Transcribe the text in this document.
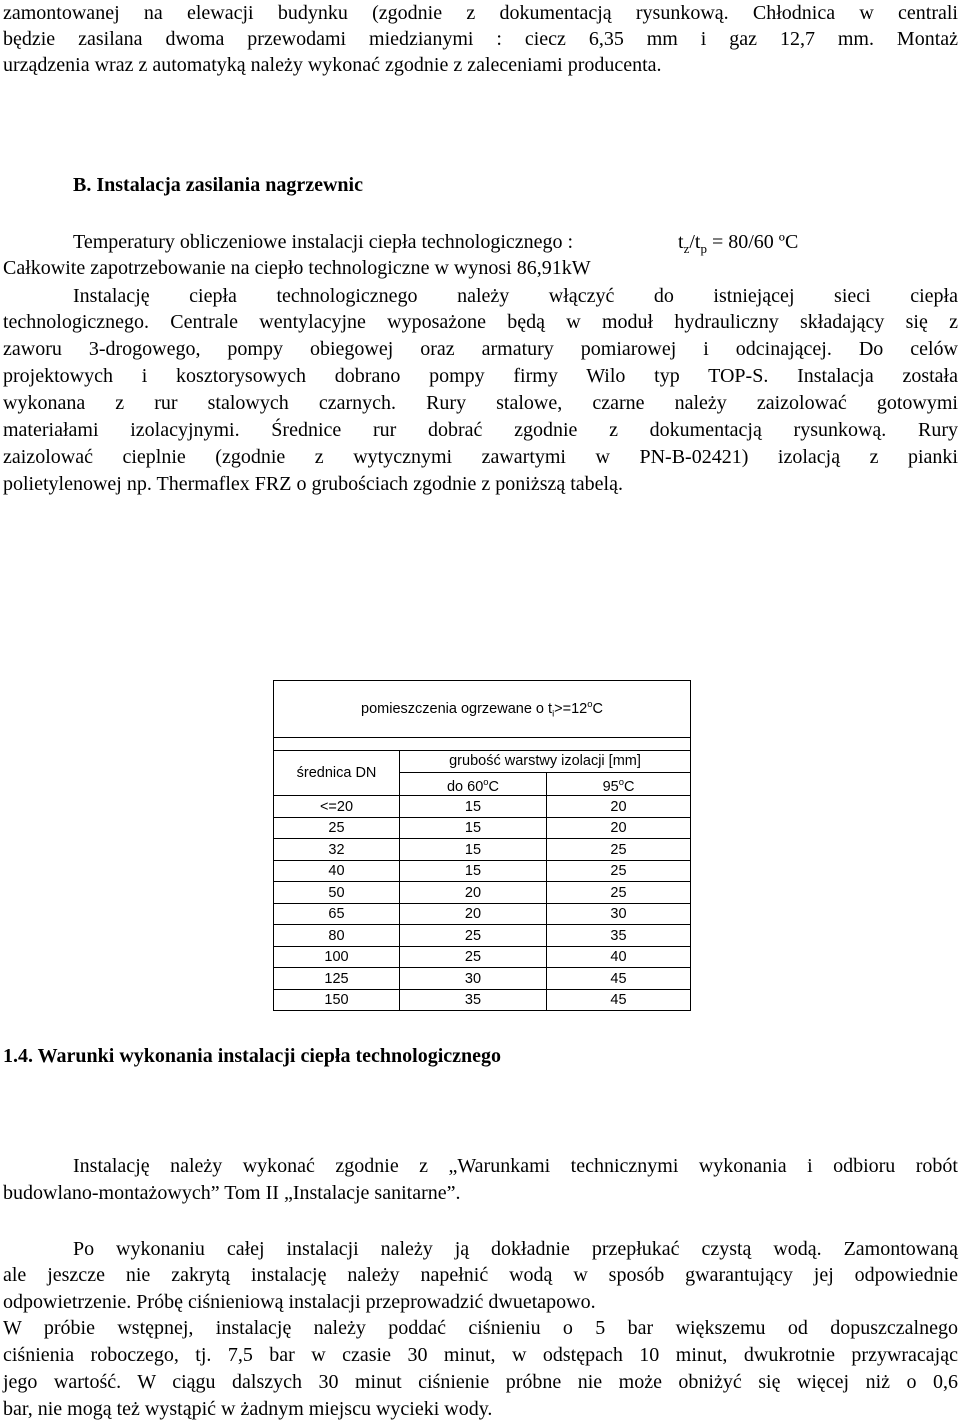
zamontowanej na elewacji budynku (zgodnie z dokumentacją rysunkową. Chłodnica w centrali

będzie zasilana dwoma przewodami miedzianymi : ciecz 6,35 mm i gaz 12,7 mm. Montaż

urządzenia wraz z automatyką należy wykonać zgodnie z zaleceniami producenta.

B. Instalacja zasilania nagrzewnic

Temperatury obliczeniowe instalacji ciepła technologicznego :	$t_z/t_p = 80/60$ ºC

Całkowite zapotrzebowanie na ciepło technologiczne w wynosi 86,91kW

Instalację ciepła technologicznego należy włączyć do istniejącej sieci ciepła

technologicznego. Centrale wentylacyjne wyposażone będą w moduł hydrauliczny składający się z

zaworu 3-drogowego, pompy obiegowej oraz armatury pomiarowej i odcinającej. Do celów

projektowych i kosztorysowych dobrano pompy firmy Wilo typ TOP-S. Instalacja została

wykonana z rur stalowych czarnych. Rury stalowe, czarne należy zaizolować gotowymi

materiałami izolacyjnymi. Średnice rur dobrać zgodnie z dokumentacją rysunkową. Rury

zaizolować cieplnie (zgodnie z wytycznymi zawartymi w PN-B-02421) izolacją z pianki

polietylenowej np. Thermaflex FRZ o grubościach zgodnie z poniższą tabelą.

pomieszczenia ogrzewane o $t_i>=12^oC$		

średnica DN	grubość warstwy izolacji [mm]	
	do 60$^o$C	$95^oC$
<=20	15	20
25	15	20
32	15	25
40	15	25
50	20	25
65	20	30
80	25	35
100	25	40
125	30	45
150	35	45

1.4. Warunki wykonania instalacji ciepła technologicznego

Instalację należy wykonać zgodnie z „Warunkami technicznymi wykonania i odbioru robót

budowlano-montażowych” Tom II „Instalacje sanitarne”.

Po wykonaniu całej instalacji należy ją dokładnie przepłukać czystą wodą. Zamontowaną

ale jeszcze nie zakrytą instalację należy napełnić wodą w sposób gwarantujący jej odpowiednie

odpowietrzenie. Próbę ciśnieniową instalacji przeprowadzić dwuetapowo.

W próbie wstępnej, instalację należy poddać ciśnieniu o 5 bar większemu od dopuszczalnego

ciśnienia roboczego, tj. 7,5 bar w czasie 30 minut, w odstępach 10 minut, dwukrotnie przywracając

jego wartość. W ciągu dalszych 30 minut ciśnienie próbne nie może obniżyć się więcej niż o 0,6

bar, nie mogą też wystąpić w żadnym miejscu wycieki wody.
